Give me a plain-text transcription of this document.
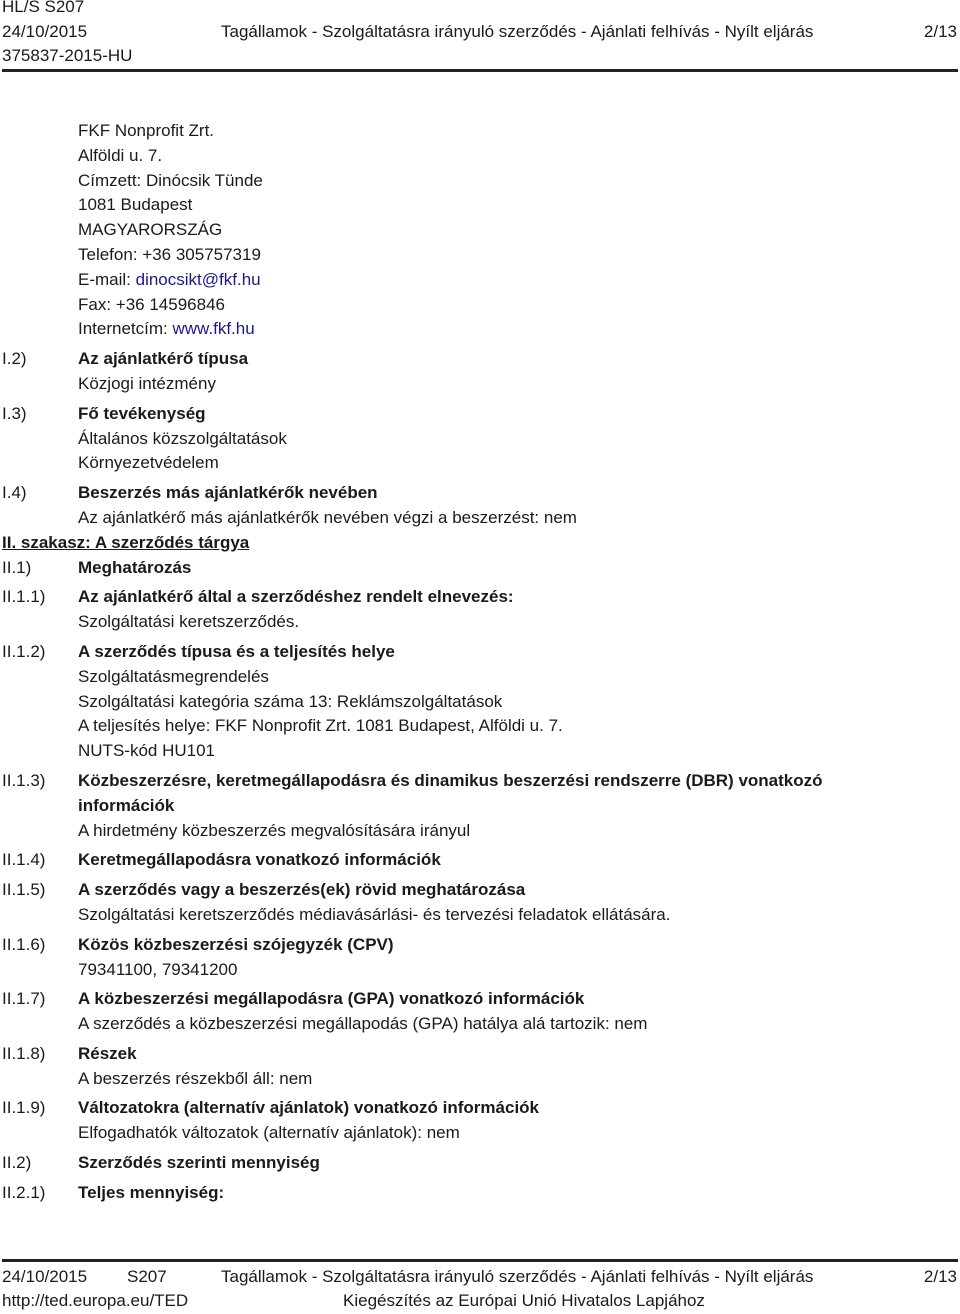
HL/S S207
24/10/2015
375837-2015-HU
Tagállamok - Szolgáltatásra irányuló szerződés - Ajánlati felhívás - Nyílt eljárás	2/13
FKF Nonprofit Zrt.
Alföldi u. 7.
Címzett: Dinócsik Tünde
1081 Budapest
MAGYARORSZÁG
Telefon: +36 305757319
E-mail: dinocsikt@fkf.hu
Fax: +36 14596846
Internetcím: www.fkf.hu
I.2)	Az ajánlatkérő típusa
Közjogi intézmény
I.3)	Fő tevékenység
Általános közszolgáltatások
Környezetvédelem
I.4)	Beszerzés más ajánlatkérők nevében
Az ajánlatkérő más ajánlatkérők nevében végzi a beszerzést: nem
II. szakasz: A szerződés tárgya
II.1)	Meghatározás
II.1.1)	Az ajánlatkérő által a szerződéshez rendelt elnevezés:
Szolgáltatási keretszerződés.
II.1.2)	A szerződés típusa és a teljesítés helye
Szolgáltatásmegrendelés
Szolgáltatási kategória száma 13: Reklámszolgáltatások
A teljesítés helye: FKF Nonprofit Zrt. 1081 Budapest, Alföldi u. 7.
NUTS-kód HU101
II.1.3)	Közbeszerzésre, keretmegállapodásra és dinamikus beszerzési rendszerre (DBR) vonatkozó információk
A hirdetmény közbeszerzés megvalósítására irányul
II.1.4)	Keretmegállapodásra vonatkozó információk
II.1.5)	A szerződés vagy a beszerzés(ek) rövid meghatározása
Szolgáltatási keretszerződés médiavásárlási- és tervezési feladatok ellátására.
II.1.6)	Közös közbeszerzési szójegyzék (CPV)
79341100, 79341200
II.1.7)	A közbeszerzési megállapodásra (GPA) vonatkozó információk
A szerződés a közbeszerzési megállapodás (GPA) hatálya alá tartozik: nem
II.1.8)	Részek
A beszerzés részekből áll: nem
II.1.9)	Változatokra (alternatív ajánlatok) vonatkozó információk
Elfogadhatók változatok (alternatív ajánlatok): nem
II.2)	Szerződés szerinti mennyiség
II.2.1)	Teljes mennyiség:
24/10/2015 S207	Tagállamok - Szolgáltatásra irányuló szerződés - Ajánlati felhívás - Nyílt eljárás	2/13
http://ted.europa.eu/TED	Kiegészítés az Európai Unió Hivatalos Lapjához
